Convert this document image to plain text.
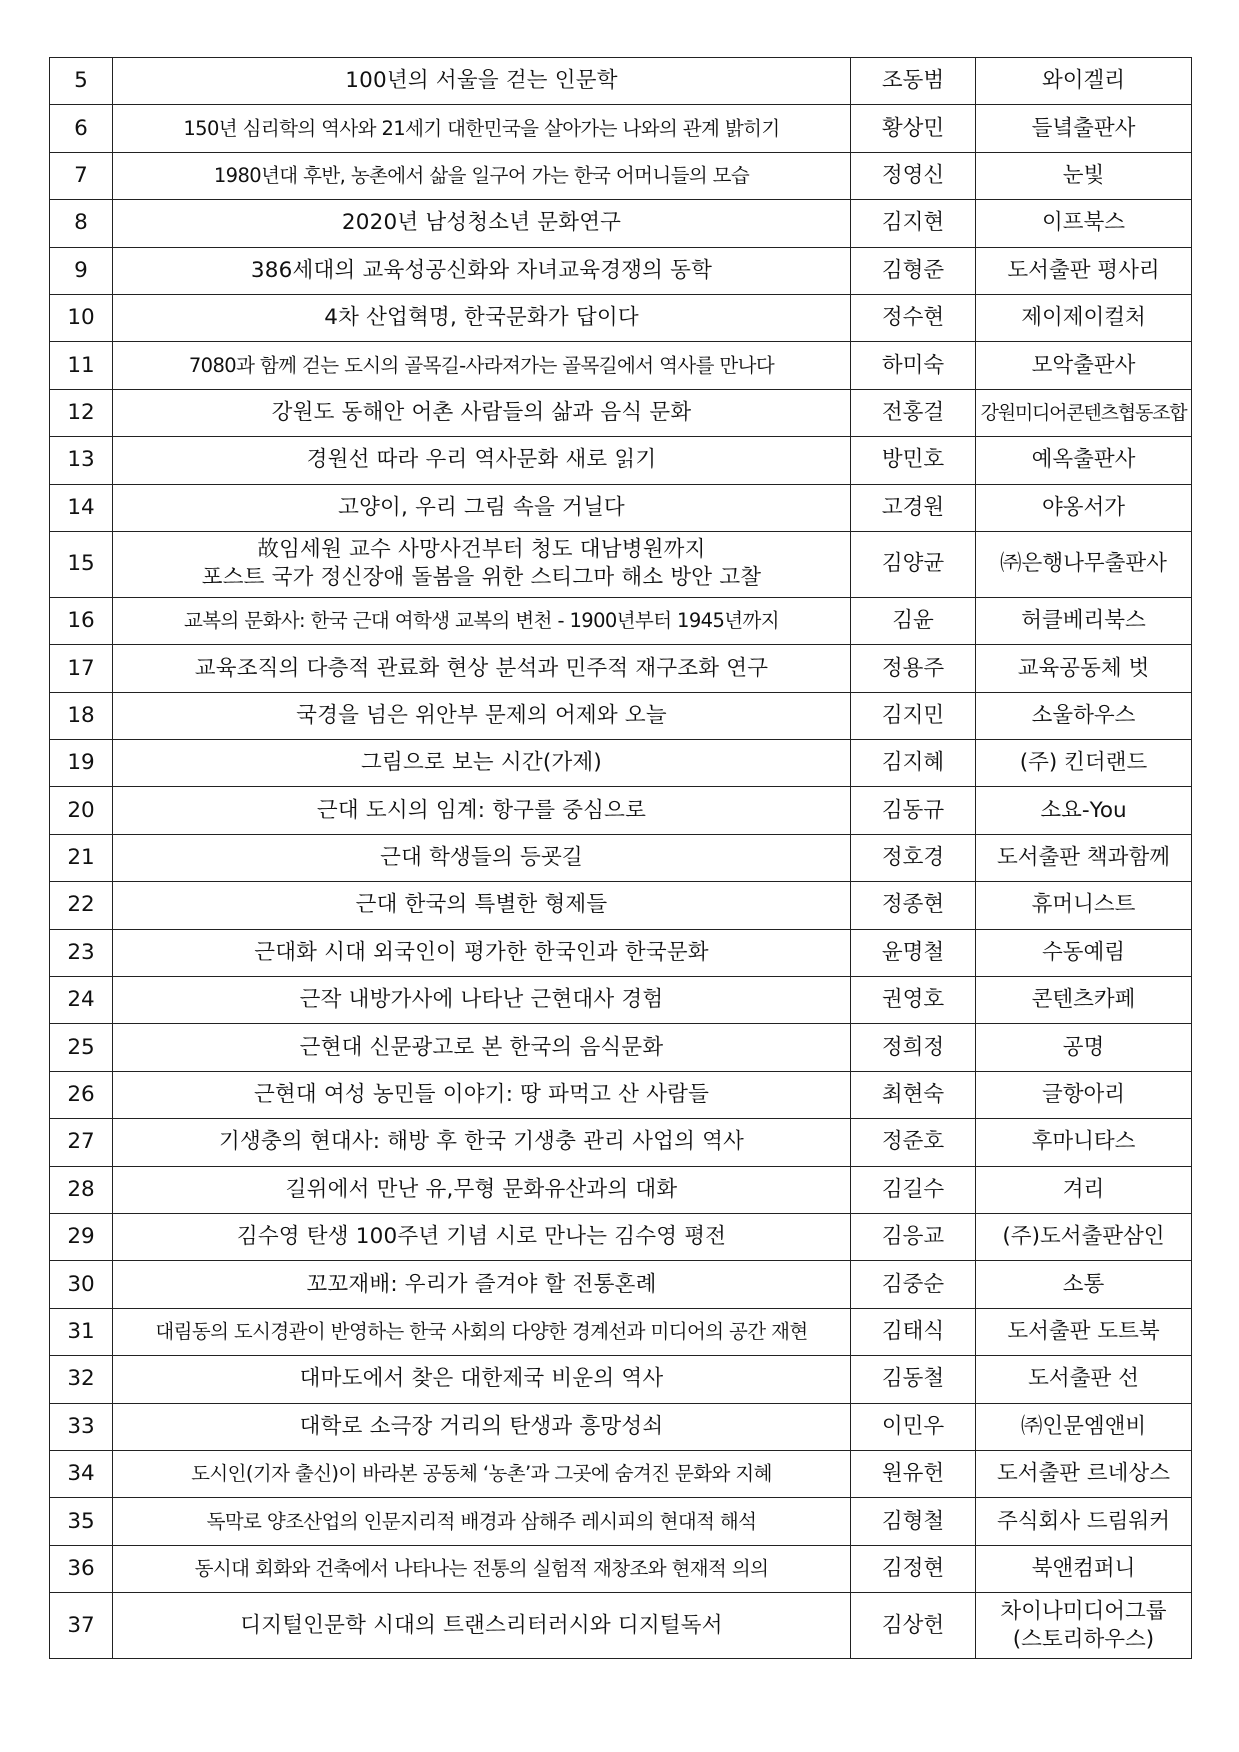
5	100년의 서울을 걷는 인문학	조동범	와이겔리
6	150년 심리학의 역사와 21세기 대한민국을 살아가는 나와의 관계 밝히기	황상민	들녘출판사
7	1980년대 후반, 농촌에서 삶을 일구어 가는 한국 어머니들의 모습	정영신	눈빛
8	2020년 남성청소년 문화연구	김지현	이프북스
9	386세대의 교육성공신화와 자녀교육경쟁의 동학	김형준	도서출판 평사리
10	4차 산업혁명, 한국문화가 답이다	정수현	제이제이컬처
11	7080과 함께 걷는 도시의 골목길-사라져가는 골목길에서 역사를 만나다	하미숙	모악출판사
12	강원도 동해안 어촌 사람들의 삶과 음식 문화	전홍걸	강원미디어콘텐츠협동조합
13	경원선 따라 우리 역사문화 새로 읽기	방민호	예옥출판사
14	고양이, 우리 그림 속을 거닐다	고경원	야옹서가
15	故임세원 교수 사망사건부터 청도 대남병원까지
포스트 국가 정신장애 돌봄을 위한 스티그마 해소 방안 고찰	김양균	㈜은행나무출판사
16	교복의 문화사: 한국 근대 여학생 교복의 변천 - 1900년부터 1945년까지	김윤	허클베리북스
17	교육조직의 다층적 관료화 현상 분석과 민주적 재구조화 연구	정용주	교육공동체 벗
18	국경을 넘은 위안부 문제의 어제와 오늘	김지민	소울하우스
19	그림으로 보는 시간(가제)	김지혜	(주) 킨더랜드
20	근대 도시의 임계: 항구를 중심으로	김동규	소요-You
21	근대 학생들의 등굣길	정호경	도서출판 책과함께
22	근대 한국의 특별한 형제들	정종현	휴머니스트
23	근대화 시대 외국인이 평가한 한국인과 한국문화	윤명철	수동예림
24	근작 내방가사에 나타난 근현대사 경험	권영호	콘텐츠카페
25	근현대 신문광고로 본 한국의 음식문화	정희정	공명
26	근현대 여성 농민들 이야기: 땅 파먹고 산 사람들	최현숙	글항아리
27	기생충의 현대사: 해방 후 한국 기생충 관리 사업의 역사	정준호	후마니타스
28	길위에서 만난 유,무형 문화유산과의 대화	김길수	겨리
29	김수영 탄생 100주년 기념 시로 만나는 김수영 평전	김응교	(주)도서출판삼인
30	꼬꼬재배: 우리가 즐겨야 할 전통혼례	김중순	소통
31	대림동의 도시경관이 반영하는 한국 사회의 다양한 경계선과 미디어의 공간 재현	김태식	도서출판 도트북
32	대마도에서 찾은 대한제국 비운의 역사	김동철	도서출판 선
33	대학로 소극장 거리의 탄생과 흥망성쇠	이민우	㈜인문엠앤비
34	도시인(기자 출신)이 바라본 공동체 ‘농촌’과 그곳에 숨겨진 문화와 지혜	원유헌	도서출판 르네상스
35	독막로 양조산업의 인문지리적 배경과 삼해주 레시피의 현대적 해석	김형철	주식회사 드림워커
36	동시대 회화와 건축에서 나타나는 전통의 실험적 재창조와 현재적 의의	김정현	북앤컴퍼니
37	디지털인문학 시대의 트랜스리터러시와 디지털독서	김상헌	차이나미디어그룹
(스토리하우스)
